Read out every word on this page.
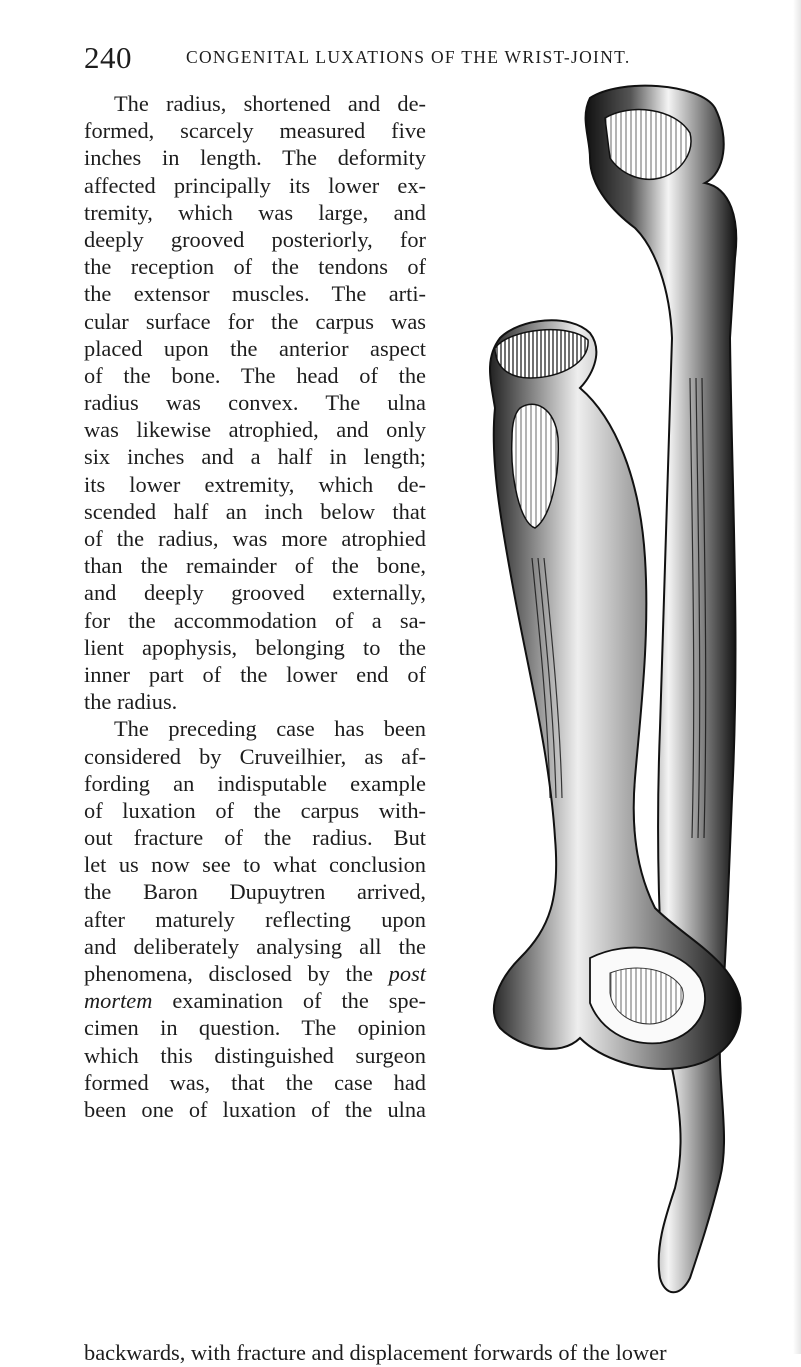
240	CONGENITAL LUXATIONS OF THE WRIST-JOINT.
The radius, shortened and de-
formed, scarcely measured five
inches in length. The deformity
affected principally its lower ex-
tremity, which was large, and
deeply grooved posteriorly, for
the reception of the tendons of
the extensor muscles. The arti-
cular surface for the carpus was
placed upon the anterior aspect
of the bone. The head of the
radius was convex. The ulna
was likewise atrophied, and only
six inches and a half in length;
its lower extremity, which de-
scended half an inch below that
of the radius, was more atrophied
than the remainder of the bone,
and deeply grooved externally,
for the accommodation of a sa-
lient apophysis, belonging to the
inner part of the lower end of
the radius.
The preceding case has been
considered by Cruveilhier, as af-
fording an indisputable example
of luxation of the carpus with-
out fracture of the radius. But
let us now see to what conclusion
the Baron Dupuytren arrived,
after maturely reflecting upon
and deliberately analysing all the
phenomena, disclosed by the post
mortem examination of the spe-
cimen in question. The opinion
which this distinguished surgeon
formed was, that the case had
been one of luxation of the ulna
backwards, with fracture and displacement forwards of the lower
